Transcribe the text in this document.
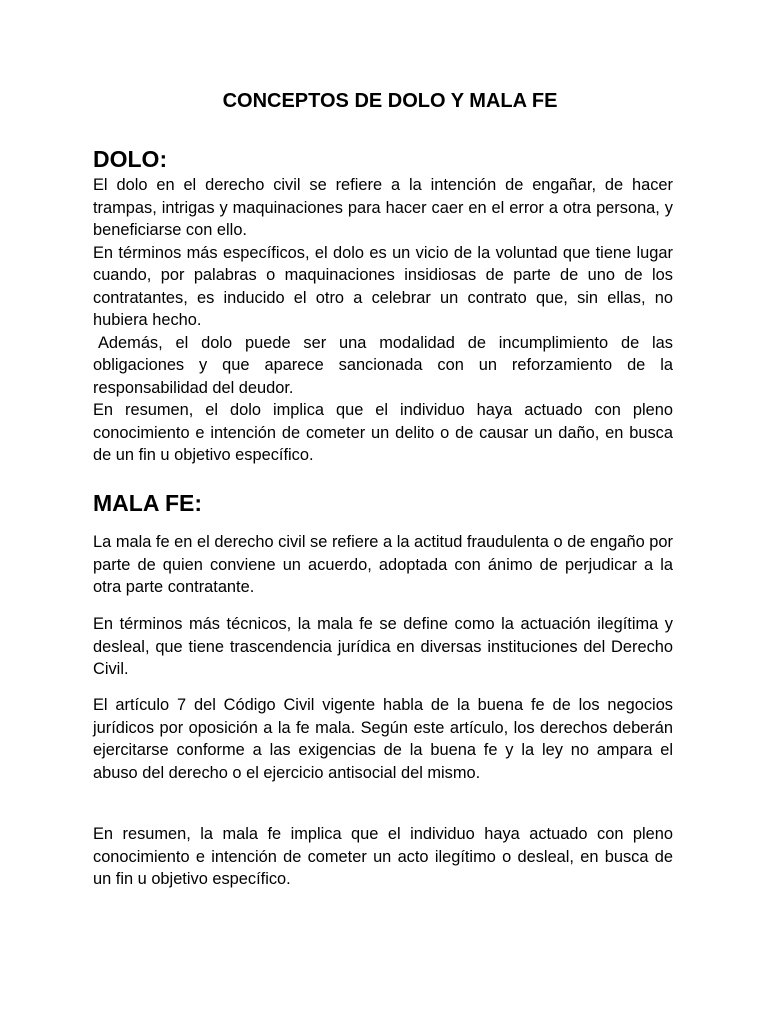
CONCEPTOS DE DOLO Y MALA FE
DOLO:

El dolo en el derecho civil se refiere a la intención de engañar, de hacer trampas, intrigas y maquinaciones para hacer caer en el error a otra persona, y beneficiarse con ello.

En términos más específicos, el dolo es un vicio de la voluntad que tiene lugar cuando, por palabras o maquinaciones insidiosas de parte de uno de los contratantes, es inducido el otro a celebrar un contrato que, sin ellas, no hubiera hecho.

Además, el dolo puede ser una modalidad de incumplimiento de las obligaciones y que aparece sancionada con un reforzamiento de la responsabilidad del deudor.

En resumen, el dolo implica que el individuo haya actuado con pleno conocimiento e intención de cometer un delito o de causar un daño, en busca de un fin u objetivo específico.

MALA FE:

La mala fe en el derecho civil se refiere a la actitud fraudulenta o de engaño por parte de quien conviene un acuerdo, adoptada con ánimo de perjudicar a la otra parte contratante.

En términos más técnicos, la mala fe se define como la actuación ilegítima y desleal, que tiene trascendencia jurídica en diversas instituciones del Derecho Civil.

El artículo 7 del Código Civil vigente habla de la buena fe de los negocios jurídicos por oposición a la fe mala. Según este artículo, los derechos deberán ejercitarse conforme a las exigencias de la buena fe y la ley no ampara el abuso del derecho o el ejercicio antisocial del mismo.

En resumen, la mala fe implica que el individuo haya actuado con pleno conocimiento e intención de cometer un acto ilegítimo o desleal, en busca de un fin u objetivo específico.
